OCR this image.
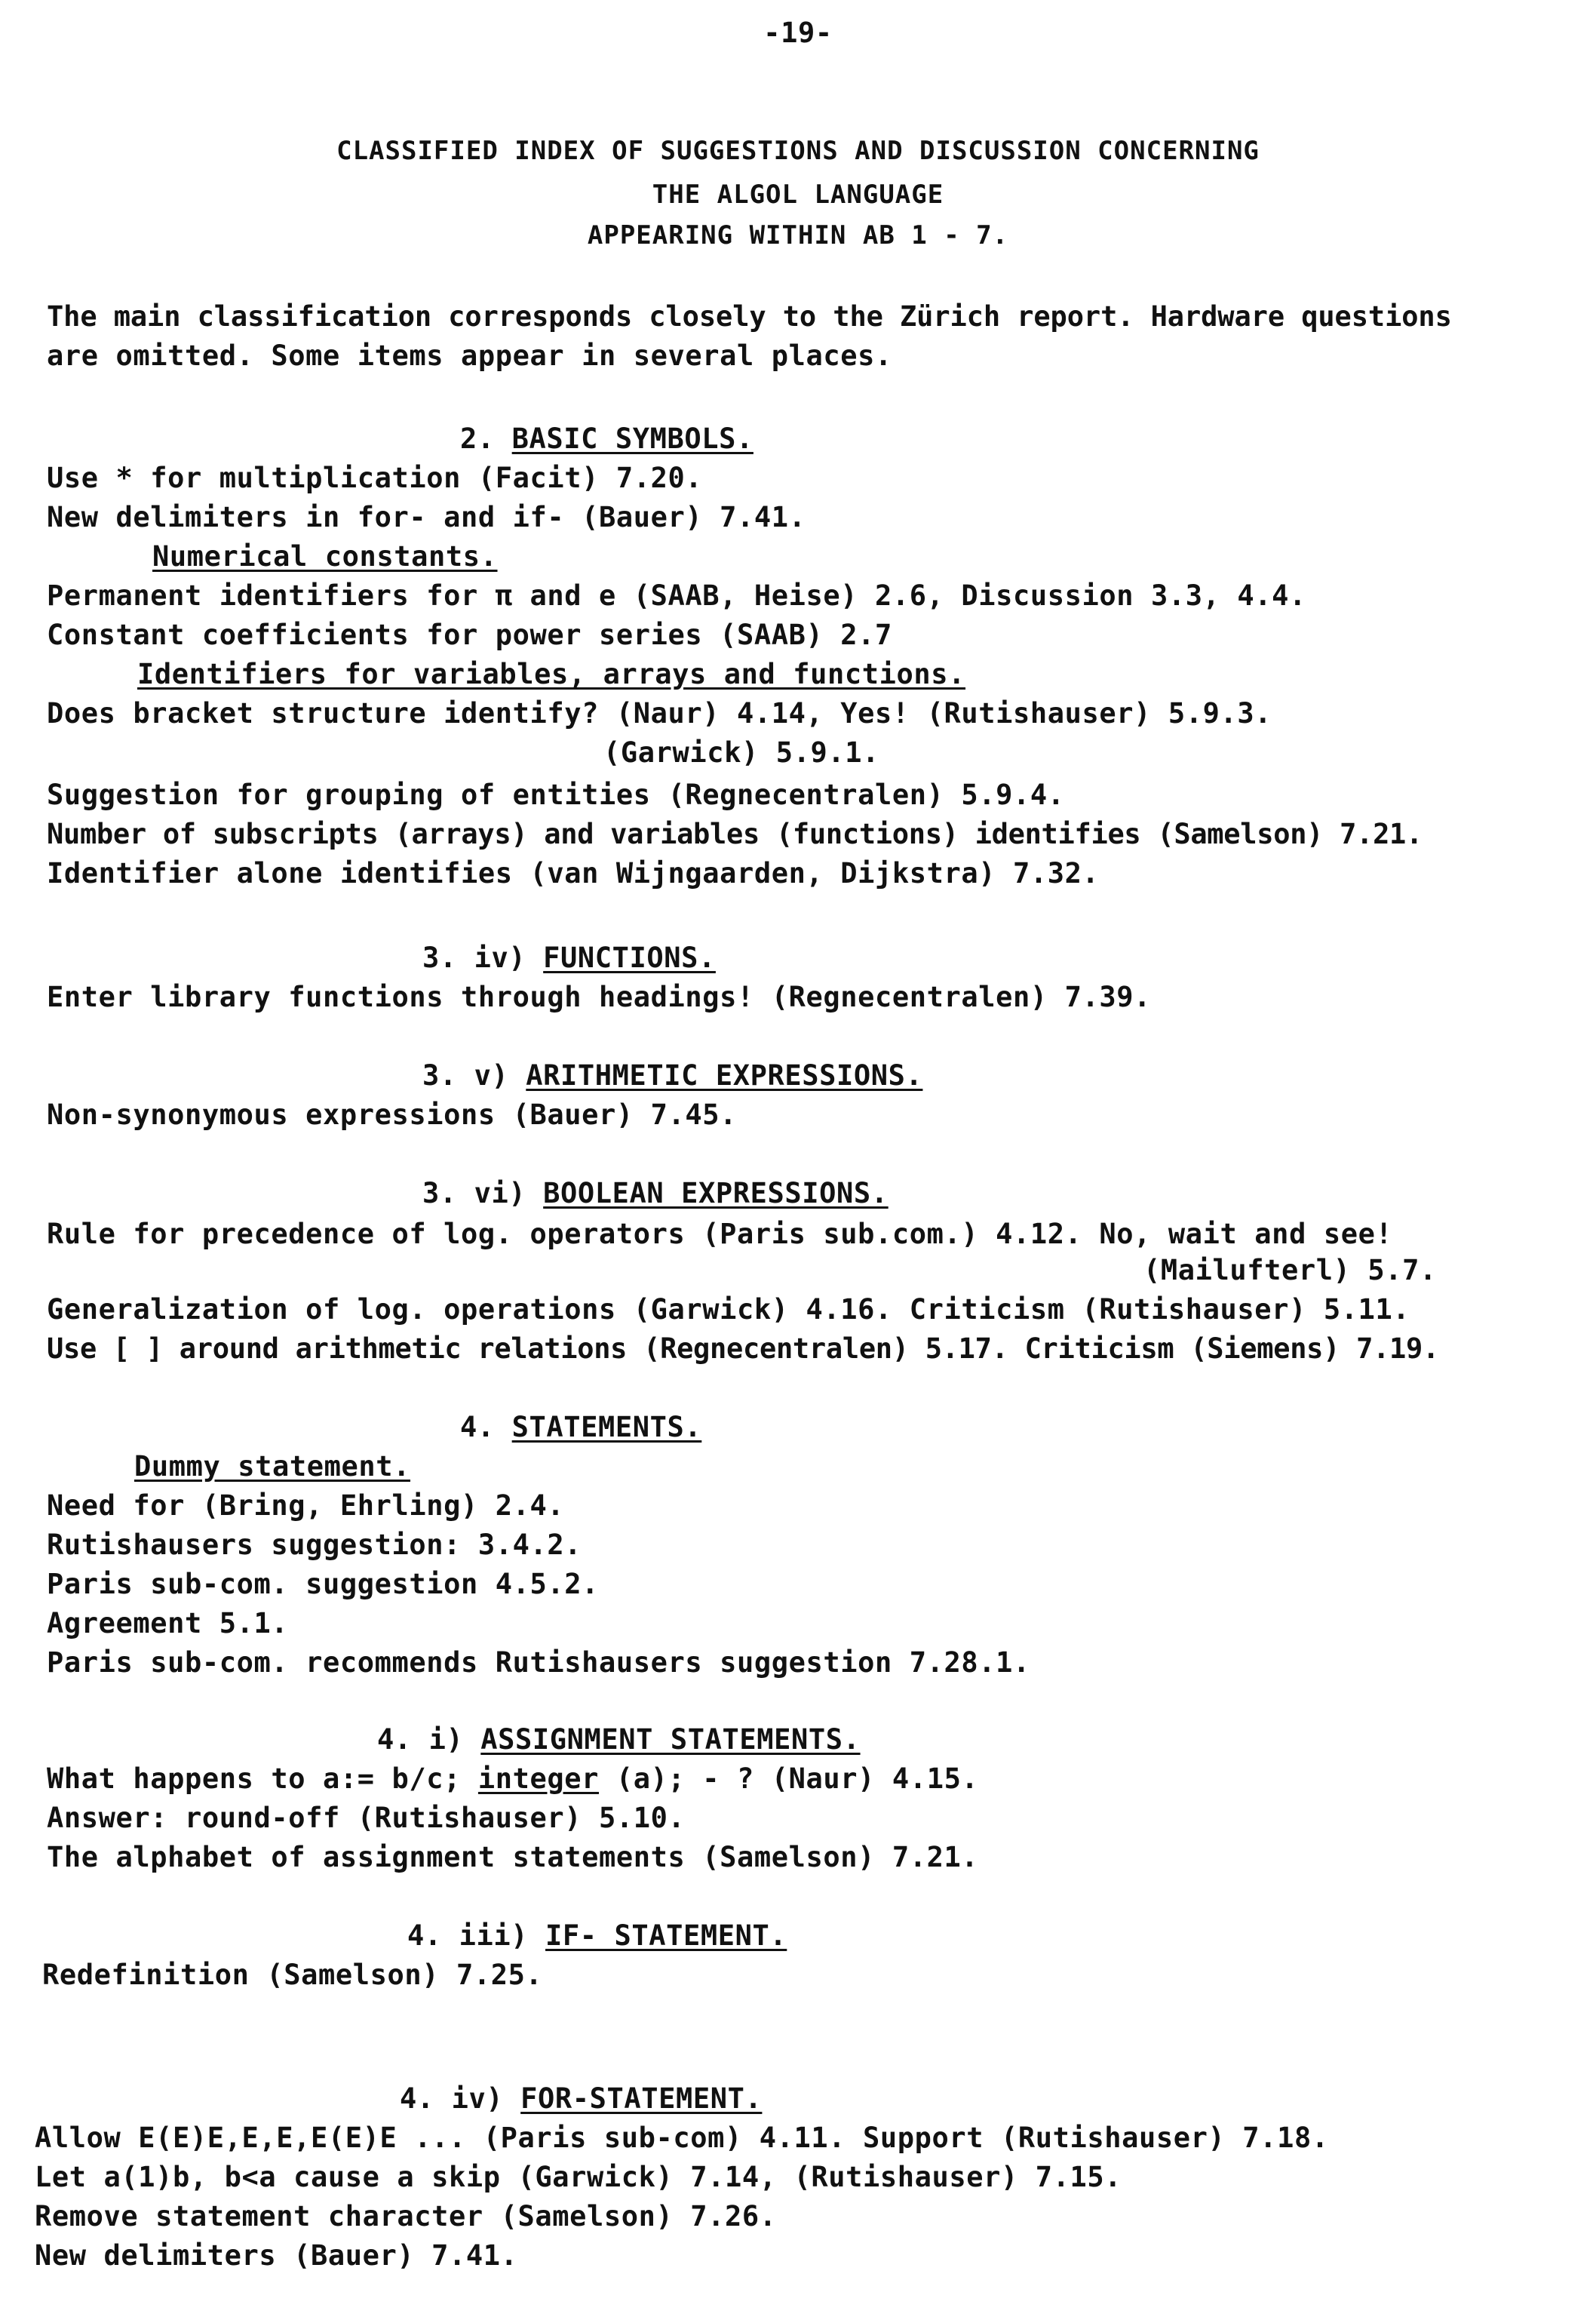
-19-
CLASSIFIED INDEX OF SUGGESTIONS AND DISCUSSION CONCERNING
THE ALGOL LANGUAGE
APPEARING WITHIN AB 1 - 7.
The main classification corresponds closely to the Zürich report. Hardware questions
are omitted. Some items appear in several places.
2. BASIC SYMBOLS.
Use * for multiplication (Facit) 7.20.
New delimiters in for- and if- (Bauer) 7.41.
Numerical constants.
Permanent identifiers for π and e (SAAB, Heise) 2.6, Discussion 3.3, 4.4.
Constant coefficients for power series (SAAB) 2.7
Identifiers for variables, arrays and functions.
Does bracket structure identify? (Naur) 4.14, Yes! (Rutishauser) 5.9.3.
(Garwick) 5.9.1.
Suggestion for grouping of entities (Regnecentralen) 5.9.4.
Number of subscripts (arrays) and variables (functions) identifies (Samelson) 7.21.
Identifier alone identifies (van Wijngaarden, Dijkstra) 7.32.
3. iv) FUNCTIONS.
Enter library functions through headings! (Regnecentralen) 7.39.
3. v) ARITHMETIC EXPRESSIONS.
Non-synonymous expressions (Bauer) 7.45.
3. vi) BOOLEAN EXPRESSIONS.
Rule for precedence of log. operators (Paris sub.com.) 4.12. No, wait and see!
(Mailufterl) 5.7.
Generalization of log. operations (Garwick) 4.16. Criticism (Rutishauser) 5.11.
Use [ ] around arithmetic relations (Regnecentralen) 5.17. Criticism (Siemens) 7.19.
4. STATEMENTS.
Dummy statement.
Need for (Bring, Ehrling) 2.4.
Rutishausers suggestion: 3.4.2.
Paris sub-com. suggestion 4.5.2.
Agreement 5.1.
Paris sub-com. recommends Rutishausers suggestion 7.28.1.
4. i) ASSIGNMENT STATEMENTS.
What happens to a:= b/c; integer (a); - ? (Naur) 4.15.
Answer: round-off (Rutishauser) 5.10.
The alphabet of assignment statements (Samelson) 7.21.
4. iii) IF- STATEMENT.
Redefinition (Samelson) 7.25.
4. iv) FOR-STATEMENT.
Allow E(E)E,E,E,E(E)E ... (Paris sub-com) 4.11. Support (Rutishauser) 7.18.
Let a(1)b, b<a cause a skip (Garwick) 7.14, (Rutishauser) 7.15.
Remove statement character (Samelson) 7.26.
New delimiters (Bauer) 7.41.
